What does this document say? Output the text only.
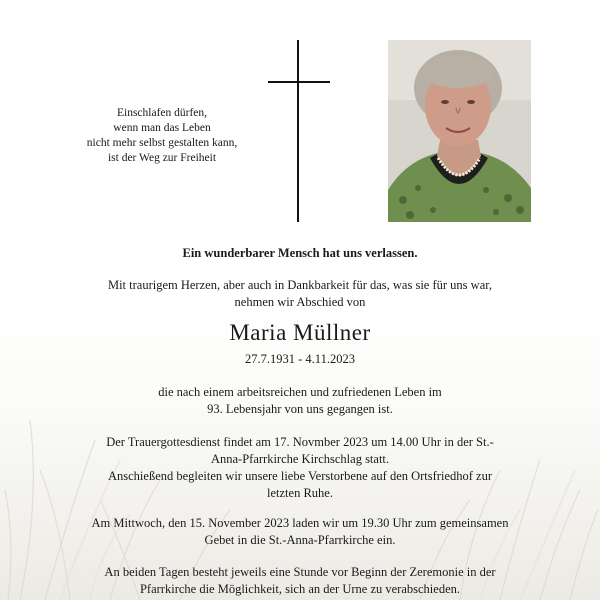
Einschlafen dürfen,
wenn man das Leben
nicht mehr selbst gestalten kann,
ist der Weg zur Freiheit
Ein wunderbarer Mensch hat uns verlassen.
Mit traurigem Herzen, aber auch in Dankbarkeit für das, was sie für uns war,
nehmen wir Abschied von
Maria Müllner
27.7.1931 - 4.11.2023
die nach einem arbeitsreichen und zufriedenen Leben im
93. Lebensjahr von uns gegangen ist.
Der Trauergottesdienst findet am 17. Novmber 2023 um 14.00 Uhr in der St.-
Anna-Pfarrkirche Kirchschlag statt.
Anschießend begleiten wir unsere liebe Verstorbene auf den Ortsfriedhof zur
letzten Ruhe.
Am Mittwoch, den 15. November 2023 laden wir um 19.30 Uhr zum gemeinsamen
Gebet in die St.-Anna-Pfarrkirche ein.
An beiden Tagen besteht jeweils eine Stunde vor Beginn der Zeremonie in der
Pfarrkirche die Möglichkeit, sich an der Urne zu verabschieden.
